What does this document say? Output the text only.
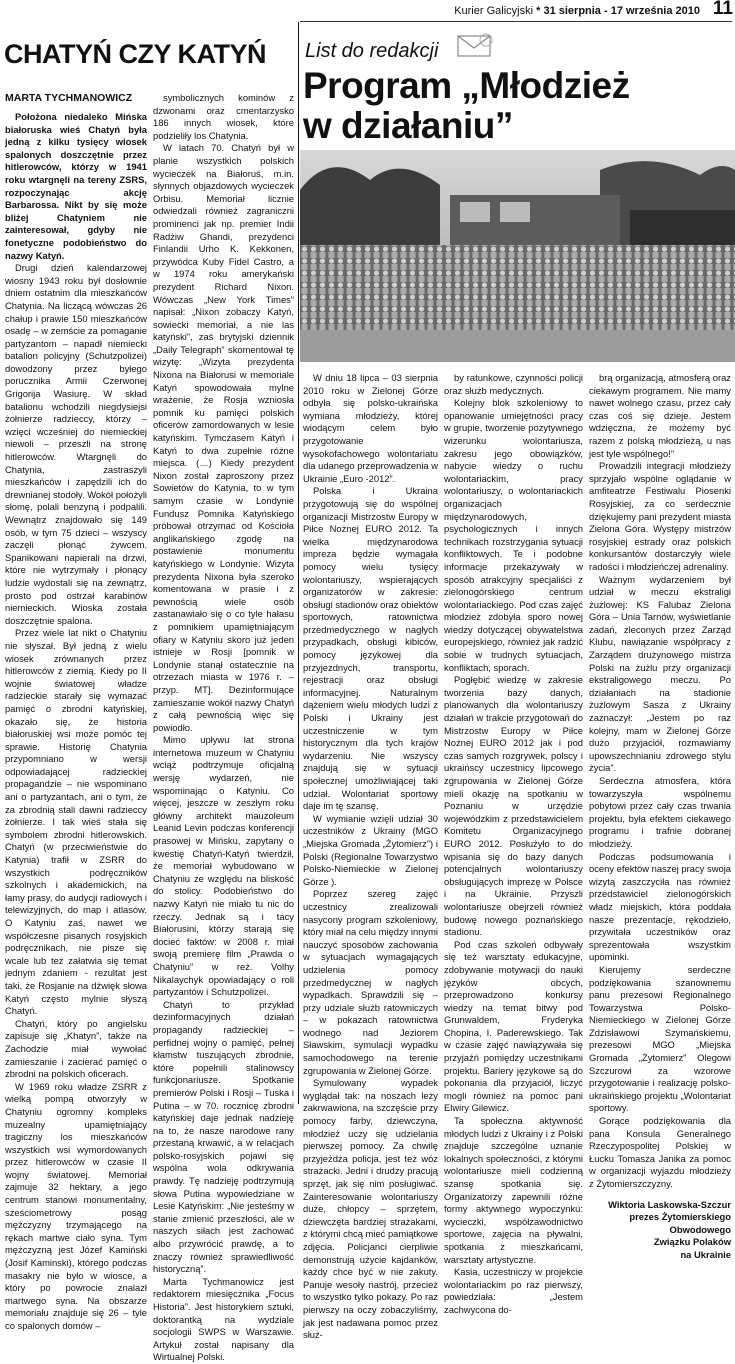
Kurier Galicyjski * 31 sierpnia - 17 września 2010 11
CHATYŃ CZY KATYŃ
MARTA TYCHMANOWICZ

Położona niedaleko Mińska białoruska wieś Chatyń była jedną z kilku tysięcy wiosek spalonych doszczętnie przez hitlerowców, którzy w 1941 roku wtargnęli na tereny ZSRS, rozpoczynając akcję Barbarossa. Nikt by się może bliżej Chatyniem nie zainteresował, gdyby nie fonetyczne podobieństwo do nazwy Katyń.

Drugi dzień kalendarzowej wiosny 1943 roku był dosłownie dniem ostatnim dla mieszkańców Chatynia. Na liczącą wówczas 26 chałup i prawie 150 mieszkańców osadę – w zemście za pomaganie partyzantom – napadł niemiecki batalion policyjny (Schutzpolizei) dowodzony przez byłego porucznika Armii Czerwonej Grigorija Wasiurę. W skład batalionu wchodzili niegdysiejsi żołnierze radzieccy, którzy – wzięci wcześniej do niemieckiej niewoli – przeszli na stronę hitlerowców. Wtargnęli do Chatynia, zastraszyli mieszkańców i zapędzili ich do drewnianej stodoły. Wokół położyli słomę, polali benzyną i podpalili. Wewnątrz znajdowało się 149 osób, w tym 75 dzieci – wszyscy zaczęli płonąć żywcem. Spanikowani napierali na drzwi, które nie wytrzymały i płonący ludzie wydostali się na zewnątrz, prosto pod ostrzał karabinów niemieckich. Wioska została doszczętnie spalona.

Przez wiele lat nikt o Chatyniu nie słyszał. Był jedną z wielu wiosek zrównanych przez hitlerowców z ziemią. Kiedy po II wojnie światowej władze radzieckie starały się wymazać pamięć o zbrodni katyńskiej, okazało się, że historia białoruskiej wsi może pomóc tej sprawie. Historię Chatynia przypomniano w wersji odpowiadającej radzieckiej propagandzie – nie wspominano ani o partyzantach, ani o tym, że za zbrodnią stali dawni radzieccy żołnierze. I tak wieś stała się symbolem zbrodni hitlerowskich. Chatyń (w przeciwieństwie do Katynia) trafił w ZSRR do wszystkich podręczników szkolnych i akademickich, na łamy prasy, do audycji radiowych i telewizyjnych, do map i atlasów. O Katyniu zaś, nawet we współczesne pisanych rosyjskich podręcznikach, nie pisze się wcale lub też załatwia się temat jednym zdaniem - rezultat jest taki, że Rosjanie na dźwięk słowa Katyń często mylnie słyszą Chatyń.

Chatyń, który po angielsku zapisuje się „Khatyn”, także na Zachodzie miał wywołać zamieszanie i zacierać pamięć o zbrodni na polskich oficerach.

W 1969 roku władze ZSRR z wielką pompą otworzyły w Chatyniu ogromny kompleks muzealny upamiętniający tragiczny los mieszkańców wszystkich wsi wymordowanych przez hitlerowców w czasie II wojny światowej. Memoriał zajmuje 32 hektary, a jego centrum stanowi monumentalny, sześciometrowy posąg mężczyzny trzymającego na rękach martwe ciało syna. Tym mężczyzną jest Józef Kamiński (Josif Kaminski), którego podczas masakry nie było w wiosce, a który po powrocie znalazł martwego syna. Na obszarze memoriału znajduje się 26 – tyle co spalonych domów –

symbolicznych kominów z dzwonami oraz cmentarzysko 186 innych wiosek, które podzieliły los Chatynia.

W latach 70. Chatyń był w planie wszystkich polskich wycieczek na Białoruś, m.in. słynnych objazdowych wycieczek Orbisu. Memoriał licznie odwiedzali również zagraniczni prominenci jak np. premier Indii Radżiw Ghandi, prezydenci Finlandii Urho K. Kekkonen, przywódca Kuby Fidel Castro, a w 1974 roku amerykański prezydent Richard Nixon. Wówczas „New York Times” napisał: „Nixon zobaczy Katyń, sowiecki memoriał, a nie las katyński”, zaś brytyjski dziennik „Daily Telegraph” skomentował tę wizytę: „Wizyta prezydenta Nixona na Białorusi w memoriale Katyń spowodowała mylne wrażenie, że Rosja wzniosła pomnik ku pamięci polskich oficerów zamordowanych w lesie katyńskim. Tymczasem Katyń i Katyń to dwa zupełnie różne miejsca. (…) Kiedy prezydent Nixon został zaproszony przez Sowietów do Katynia, to w tym samym czasie w Londynie Fundusz Pomnika Katyńskiego próbował otrzymać od Kościoła anglikańskiego zgodę na postawienie monumentu katyńskiego w Londynie. Wizyta prezydenta Nixona była szeroko komentowana w prasie i z pewnością wiele osób zastanawiało się o co tyle hałasu z pomnikiem upamiętniającym ofiary w Katyniu skoro już jeden istnieje w Rosji [pomnik w Londynie stanął ostatecznie na otrzezach miasta w 1976 r. – przyp. MT]. Dezinformujące zamieszanie wokół nazwy Chatyń z całą pewnością więc się powiodło.

Mimo upływu lat strona internetowa muzeum w Chatyniu wciąż podtrzymuje oficjalną wersję wydarzeń, nie wspominając o Katyniu. Co więcej, jeszcze w zeszłym roku główny architekt mauzoleum Leanid Levin podczas konferencji prasowej w Mińsku, zapytany o kwestię Chatyń-Katyń twierdził, że memoriał wybudowano w Chatyniu ze względu na bliskość do stolicy. Podobieństwo do nazwy Katyń nie miało tu nic do rzeczy. Jednak są i tacy Białorusini, którzy starają się docieć faktów: w 2008 r. miał swoją premierę film „Prawda o Chatyniu” w reż. Volhy Nikalaychyk opowiadający o roli partyzantów i Schutzpolizei.

Chatyń to przykład dezinformacyjnych działań propagandy radzieckiej – perfidnej wojny o pamięć, pełnej kłamstw tuszujących zbrodnie, które popełnili stalinowscy funkcjonariusze. Spotkanie premierów Polski i Rosji – Tuska i Putina – w 70. rocznicę zbrodni katyńskiej daje jednak nadzieję na to, że nasze narodowe rany przestaną krwawić, a w relacjach polsko-rosyjskich pojawi się wspólna wola odkrywania prawdy. Tę nadzieję podtrzymują słowa Putina wypowiedziane w Lesie Katyńskim: „Nie jesteśmy w stanie zmienić przeszłości, ale w naszych siłach jest zachować albo przywrócić prawdę, a to znaczy również sprawiedliwość historyczną”.

Marta Tychmanowicz jest redaktorem miesięcznika „Focus Historia”. Jest historykiem sztuki, doktorantką na wydziale socjologii SWPS w Warszawie. Artykuł został napisany dla Wirtualnej Polski.

List do redakcji
Program „Młodzież
w działaniu”

W dniu 18 lipca – 03 sierpnia 2010 roku w Zielonej Górze odbyła się polsko-ukraińska wymiana młodzieży, której wiodącym celem było przygotowanie wysokofachowego wolontariatu dla udanego przeprowadzenia w Ukrainie „Euro -2012”.

Polska i Ukraina przygotowują się do wspólnej organizacji Mistrzostw Europy w Piłce Nożnej EURO 2012. Ta wielka międzynarodowa impreza będzie wymagała pomocy wielu tysięcy wolontariuszy, wspierających organizatorów w zakresie: obsługi stadionów oraz obiektów sportowych, ratownictwa przedmedycznego w nagłych przypadkach, obsługi kibiców, pomocy językowej dla przyjezdnych, transportu, rejestracji oraz obsługi informacyjnej. Naturalnym dążeniem wielu młodych ludzi z Polski i Ukrainy jest uczestniczenie w tym historycznym dla tych krajów wydarzeniu. Nie wszyscy znajdują się w sytuacji społecznej umożliwiającej taki udział. Wolontariat sportowy daje im tę szansę.

W wymianie wzięli udział 30 uczestników z Ukrainy (MGO „Miejska Gromada „Żytomierz”) i Polski (Regionalne Towarzystwo Polsko-Niemieckie w Zielonej Górze ).

Poprzez szereg zajęć uczestnicy zrealizowali nasycony program szkoleniowy, który miał na celu między innymi nauczyć sposobów zachowania w sytuacjach wymagających udzielenia pomocy przedmedycznej w nagłych wypadkach. Sprawdzili się – przy udziale służb ratowniczych – w pokazach ratownictwa wodnego nad Jeziorem Sławskim, symulacji wypadku samochodowego na terenie zgrupowania w Zielonej Górze.

Symulowany wypadek wyglądał tak: na noszach leży zakrwawiona, na szczęście przy pomocy farby, dziewczyna, młodzież uczy się udzielania pierwszej pomocy. Za chwilę przyjeżdża policja, jest też wóz strażacki. Jedni i drudzy pracują sprzęt, jak się nim posługiwać. Zainteresowanie wolontariuszy duże, chłopcy – sprzętem, dziewczęta bardziej strażakami, z którymi chcą mieć pamiątkowe zdjęcia. Policjanci cierpliwie demonstrują użycie kajdanków, każdy chce być w nie zakuty. Panuje wesoły nastrój, przecież to wszystko tylko pokazy. Po raz pierwszy na oczy zobaczyliśmy, jak jest nadawana pomoc przez służ-

by ratunkowe, czynności policji oraz służb medycznych.

Kolejny blok szkoleniowy to opanowanie umiejętności pracy w grupie, tworzenie pozytywnego wizerunku wolontariusza, zakresu jego obowiązków, nabycie wiedzy o ruchu wolontariackim, pracy wolontariuszy, o wolontariackich organizacjach międzynarodowych, psychologicznych i innych technikach rozstrzygania sytuacji konfliktowych. Te i podobne informacje przekazywały w sposób atrakcyjny specjaliści z zielonogórskiego centrum wolontariackiego. Pod czas zajęć młodzież zdobyła sporo nowej wiedzy dotyczącej obywatelstwa europejskiego, również jak radzić sobie w trudnych sytuacjach, konfliktach, sporach.

Pogłębić wiedzę w zakresie tworzenia bazy danych, planowanych dla wolontariuszy działań w trakcie przygotowań do Mistrzostw Europy w Piłce Nożnej EURO 2012 jak i pod czas samych rozgrywek, polscy i ukraińscy uczestnicy lipcowego zgrupowania w Zielonej Górze mieli okazję na spotkaniu w Poznaniu w urzędzie wojewódzkim z przedstawicielem Komitetu Organizacyjnego EURO 2012. Posłużyło to do wpisania się do bazy danych potencjalnych wolontariuszy obsługujących imprezę w Polsce i na Ukrainie. Przyszli wolontariusze obejrzeli również budowę nowego poznańskiego stadionu.

Pod czas szkoleń odbywały się też warsztaty edukacyjne, zdobywanie motywacji do nauki języków obcych, przeprowadzono konkursy wiedzy na temat bitwy pod Grunwaldem, Fryderyka Chopina, I. Paderewskiego. Tak w czasie zajęć nawiązywała się przyjaźń pomiędzy uczestnikami projektu. Bariery językowe są do pokonania dla przyjaciół, liczyć mogli również na pomoc pani Elwiry Gilewicz.

Ta społeczna aktywność młodych ludzi z Ukrainy i z Polski znajduje szczególne uznanie lokalnych społeczności, z którymi wolontariusze mieli codzienną szansę spotkania się. Organizatorzy zapewnili różne formy aktywnego wypoczynku: wycieczki, współzawodnictwo sportowe, zajęcia na pływalni, spotkania z mieszkańcami, warsztaty artystyczne.

Kasia, uczestniczy w projekcie wolontariackim po raz pierwszy, powiedziała: „Jestem zachwycona do-

brą organizacją, atmosferą oraz ciekawym programem. Nie mamy nawet wolnego czasu, przez cały czas coś się dzieje. Jestem wdzięczna, że możemy być razem z polską młodzieżą, u nas jest tyle wspólnego!”

Prowadzili integracji młodzieży sprzyjało wspólne oglądanie w amfiteatrze Festiwalu Piosenki Rosyjskiej, za co serdecznie dziękujemy pani prezydent miasta Zielona Góra. Występy mistrzów rosyjskiej estrady oraz polskich konkursantów dostarczyły wiele radości i młodzieńczej adrenaliny.

Ważnym wydarzeniem był udział w meczu ekstraligi żużlowej: KS Falubaz Zielona Góra – Unia Tarnów, wyświetlanie zadań, zleconych przez Zarząd Klubu, nawiązanie współpracy z Zarządem drużynowego mistrza Polski na żużlu przy organizacji ekstraligowego meczu. Po działaniach na stadionie żużlowym Sasza z Ukrainy zaznaczył: „Jestem po raz kolejny, mam w Zielonej Górze dużo przyjaciół, rozmawiamy upowszechnianiu zdrowego stylu życia”.

Serdeczna atmosfera, która towarzyszyła wspólnemu pobytowi przez cały czas trwania projektu, była efektem ciekawego programu i trafnie dobranej młodzieży.

Podczas podsumowania i oceny efektów naszej pracy swoja wizytą zaszczyciła nas również przedstawiciel zielonogórskich władz miejskich, która poddała nasze prezentacje, rękodzieło, przywitała uczestników oraz sprezentowała wszystkim upominki.

Kierujemy serdeczne podziękowania szanownemu panu prezesowi Regionalnego Towarzystwa Polsko-Niemieckiego w Zielonej Górze Zdzisławowi Szymańskiemu, prezesowi MGO „Miejska Gromada „Żytomierz” Olegowi Szczurowi za wzorowe przygotowanie i realizację polsko-ukraińskiego projektu „Wolontariat sportowy.

Gorące podziękowania dla pana Konsula Generalnego Rzeczypospolitej Polskiej w Łucku Tomasza Janika za pomoc w organizacji wyjazdu młodzieży z Żytomierszczyzny.

Wiktoria Laskowska-Szczur

prezes Żytomierskiego

Obwodowego

Związku Polaków

na Ukrainie
